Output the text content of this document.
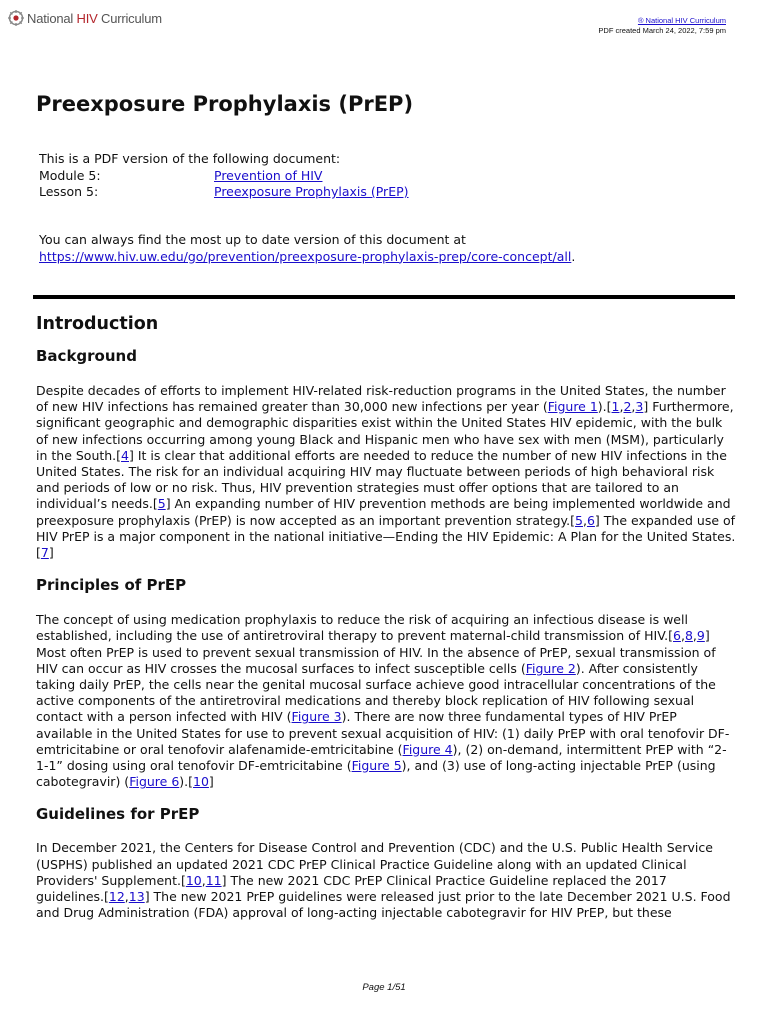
National HIV Curriculum	® National HIV Curriculum
PDF created March 24, 2022, 7:59 pm
Preexposure Prophylaxis (PrEP)
This is a PDF version of the following document:
Module 5:	Prevention of HIV
Lesson 5:	Preexposure Prophylaxis (PrEP)
You can always find the most up to date version of this document at
https://www.hiv.uw.edu/go/prevention/preexposure-prophylaxis-prep/core-concept/all.
Introduction
Background

Despite decades of efforts to implement HIV-related risk-reduction programs in the United States, the number of new HIV infections has remained greater than 30,000 new infections per year (Figure 1).[1,2,3] Furthermore, significant geographic and demographic disparities exist within the United States HIV epidemic, with the bulk of new infections occurring among young Black and Hispanic men who have sex with men (MSM), particularly in the South.[4] It is clear that additional efforts are needed to reduce the number of new HIV infections in the United States. The risk for an individual acquiring HIV may fluctuate between periods of high behavioral risk and periods of low or no risk. Thus, HIV prevention strategies must offer options that are tailored to an individual’s needs.[5] An expanding number of HIV prevention methods are being implemented worldwide and preexposure prophylaxis (PrEP) is now accepted as an important prevention strategy.[5,6] The expanded use of HIV PrEP is a major component in the national initiative—Ending the HIV Epidemic: A Plan for the United States.[7]

Principles of PrEP

The concept of using medication prophylaxis to reduce the risk of acquiring an infectious disease is well established, including the use of antiretroviral therapy to prevent maternal-child transmission of HIV.[6,8,9] Most often PrEP is used to prevent sexual transmission of HIV. In the absence of PrEP, sexual transmission of HIV can occur as HIV crosses the mucosal surfaces to infect susceptible cells (Figure 2). After consistently taking daily PrEP, the cells near the genital mucosal surface achieve good intracellular concentrations of the active components of the antiretroviral medications and thereby block replication of HIV following sexual contact with a person infected with HIV (Figure 3). There are now three fundamental types of HIV PrEP available in the United States for use to prevent sexual acquisition of HIV: (1) daily PrEP with oral tenofovir DF-emtricitabine or oral tenofovir alafenamide-emtricitabine (Figure 4), (2) on-demand, intermittent PrEP with “2-1-1” dosing using oral tenofovir DF-emtricitabine (Figure 5), and (3) use of long-acting injectable PrEP (using cabotegravir) (Figure 6).[10]

Guidelines for PrEP

In December 2021, the Centers for Disease Control and Prevention (CDC) and the U.S. Public Health Service (USPHS) published an updated 2021 CDC PrEP Clinical Practice Guideline along with an updated Clinical Providers' Supplement.[10,11] The new 2021 CDC PrEP Clinical Practice Guideline replaced the 2017 guidelines.[12,13] The new 2021 PrEP guidelines were released just prior to the late December 2021 U.S. Food and Drug Administration (FDA) approval of long-acting injectable cabotegravir for HIV PrEP, but these

Page 1/51
